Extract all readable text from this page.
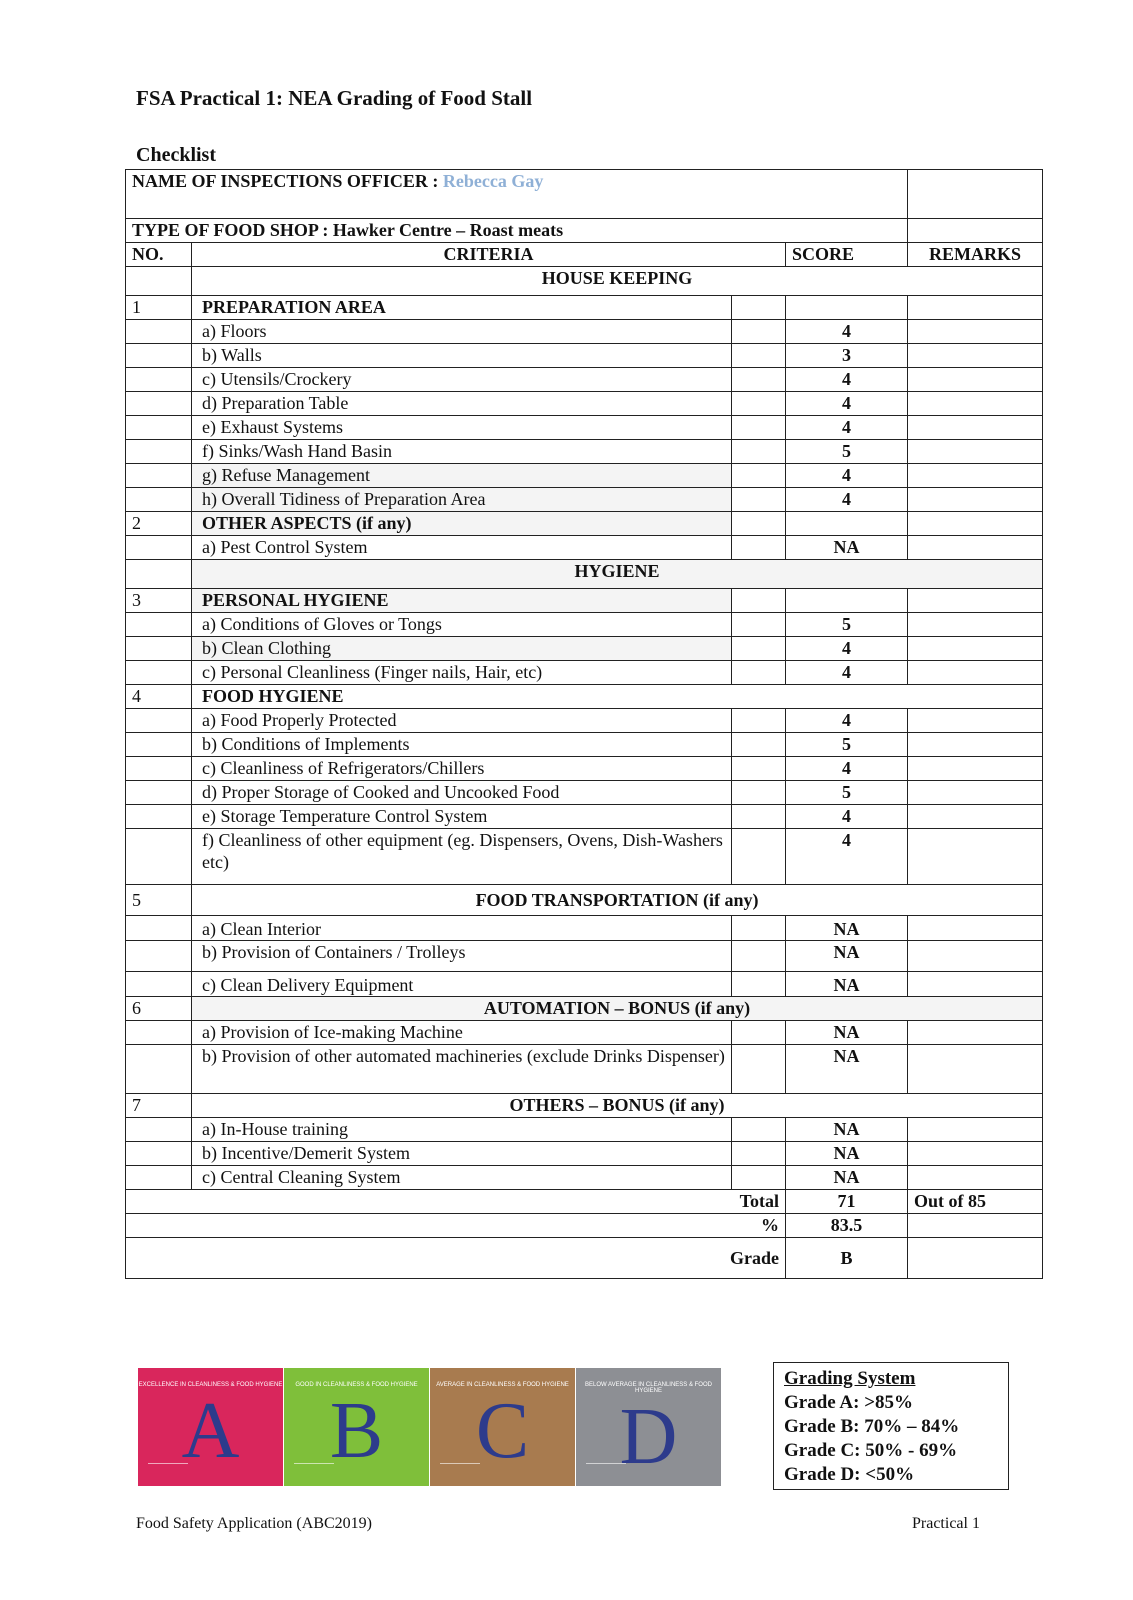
FSA Practical 1: NEA Grading of Food Stall
Checklist
NAME OF INSPECTIONS OFFICER : Rebecca Gay				
TYPE OF FOOD SHOP : Hawker Centre – Roast meats				
NO.	CRITERIA		SCORE	REMARKS
	HOUSE KEEPING			
1	PREPARATION AREA			
	a) Floors		4	
	b) Walls		3	
	c) Utensils/Crockery		4	
	d) Preparation Table		4	
	e) Exhaust Systems		4	
	f) Sinks/Wash Hand Basin		5	
	g) Refuse Management		4	
	h) Overall Tidiness of Preparation Area		4	
2	OTHER ASPECTS (if any)			
	a) Pest Control System		NA	
	HYGIENE			
3	PERSONAL HYGIENE			
	a) Conditions of Gloves or Tongs		5	
	b) Clean Clothing		4	
	c) Personal Cleanliness (Finger nails, Hair, etc)		4	
4	FOOD HYGIENE			
	a) Food Properly Protected		4	
	b) Conditions of Implements		5	
	c) Cleanliness of Refrigerators/Chillers		4	
	d) Proper Storage of Cooked and Uncooked Food		5	
	e) Storage Temperature Control System		4	
	f) Cleanliness of other equipment (eg. Dispensers, Ovens, Dish-Washers etc)		4	
5	FOOD TRANSPORTATION (if any)			
	a) Clean Interior		NA	
	b) Provision of Containers / Trolleys		NA	
	c) Clean Delivery Equipment		NA	
6	AUTOMATION – BONUS (if any)			
	a) Provision of Ice-making Machine		NA	
	b) Provision of other automated machineries (exclude Drinks Dispenser)		NA	
7	OTHERS – BONUS (if any)			
	a) In-House training		NA	
	b) Incentive/Demerit System		NA	
	c) Central Cleaning System		NA	
Total			71	Out of 85
%			83.5	
Grade			B	
EXCELLENCE IN CLEANLINESS & FOOD HYGIENE
A
GOOD IN CLEANLINESS & FOOD HYGIENE
B
AVERAGE IN CLEANLINESS & FOOD HYGIENE
C
BELOW AVERAGE IN CLEANLINESS & FOOD HYGIENE
D
Grading System
Grade A: >85%
Grade B: 70% – 84%
Grade C: 50% - 69%
Grade D: <50%
Food Safety Application (ABC2019)	Practical 1
